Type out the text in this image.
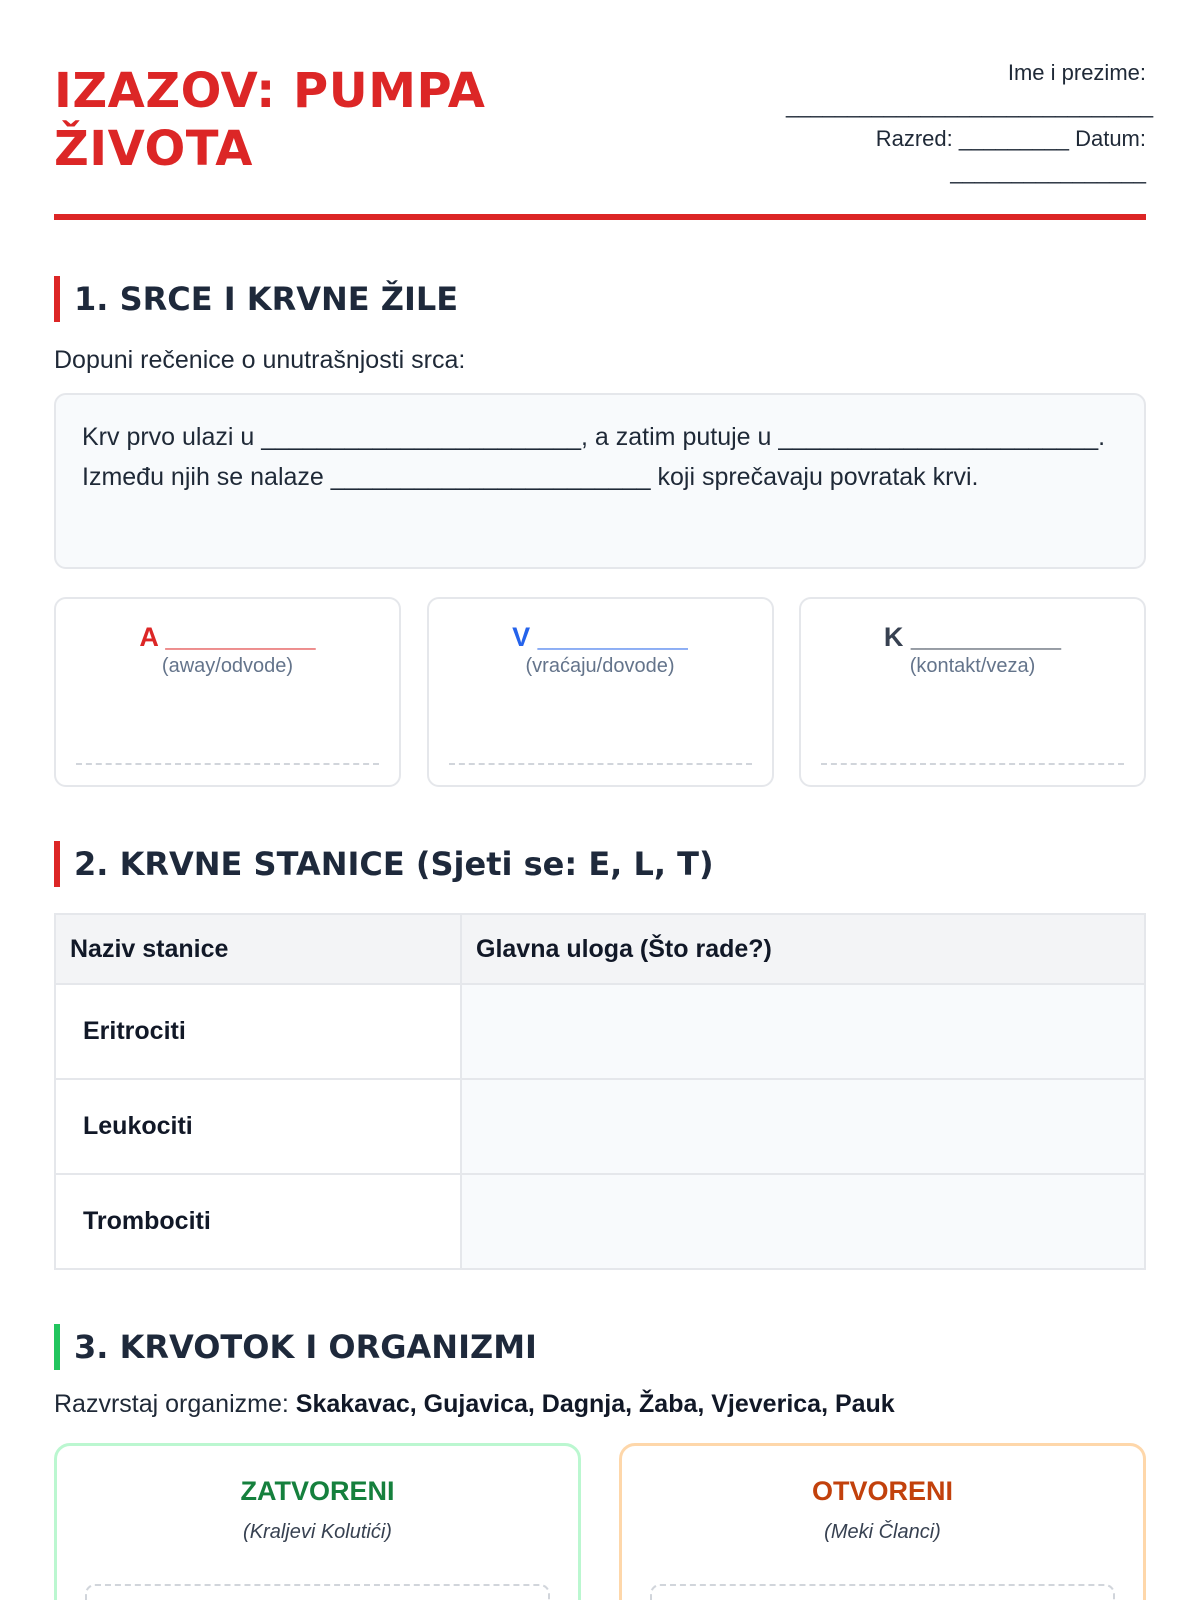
IZAZOV: PUMPA
ŽIVOTA
Ime i prezime:
______________________________
Razred: _________ Datum:
________________
1. SRCE I KRVNE ŽILE
Dopuni rečenice o unutrašnjosti srca:
Krv prvo ulazi u _______________________, a zatim putuje u _______________________. Između njih se nalaze _______________________ koji sprečavaju povratak krvi.
A __________
(away/odvode)
V __________
(vraćaju/dovode)
K __________
(kontakt/veza)
2. KRVNE STANICE (Sjeti se: E, L, T)
Naziv stanice	Glavna uloga (Što rade?)
Eritrociti	
Leukociti	
Trombociti	
3. KRVOTOK I ORGANIZMI
Razvrstaj organizme: Skakavac, Gujavica, Dagnja, Žaba, Vjeverica, Pauk
ZATVORENI
(Kraljevi Kolutići)
OTVORENI
(Meki Članci)
